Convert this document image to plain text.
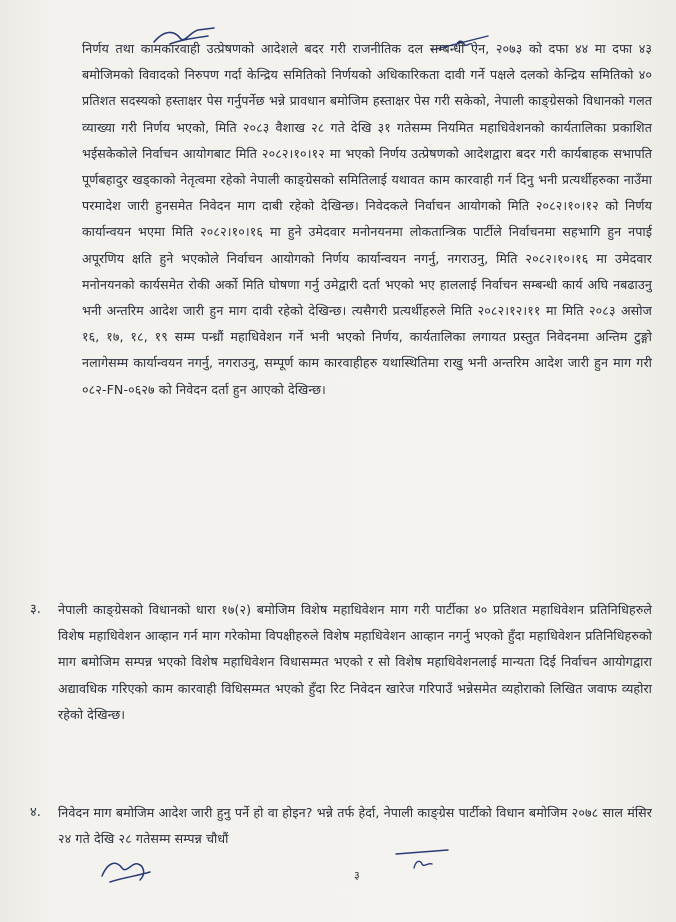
निर्णय तथा कामकारवाही उत्प्रेषणको आदेशले बदर गरी राजनीतिक दल सम्बन्धी ऐन, २०७३ को दफा ४४ मा दफा ४३ बमोजिमको विवादको निरुपण गर्दा केन्द्रिय समितिको निर्णयको अधिकारिकता दावी गर्ने पक्षले दलको केन्द्रिय समितिको ४० प्रतिशत सदस्यको हस्ताक्षर पेस गर्नुपर्नेछ भन्ने प्रावधान बमोजिम हस्ताक्षर पेस गरी सकेको, नेपाली काङ्ग्रेसको विधानको गलत व्याख्या गरी निर्णय भएको, मिति २०८३ वैशाख २८ गते देखि ३१ गतेसम्म नियमित महाधिवेशनको कार्यतालिका प्रकाशित भईसकेकोले निर्वाचन आयोगबाट मिति २०८२।१०।१२ मा भएको निर्णय उत्प्रेषणको आदेशद्वारा बदर गरी कार्यबाहक सभापति पूर्णबहादुर खड्काको नेतृत्वमा रहेको नेपाली काङ्ग्रेसको समितिलाई यथावत काम कारवाही गर्न दिनु भनी प्रत्यर्थीहरुका नाउँमा परमादेश जारी हुनसमेत निवेदन माग दाबी रहेको देखिन्छ। निवेदकले निर्वाचन आयोगको मिति २०८२।१०।१२ को निर्णय कार्यान्वयन भएमा मिति २०८२।१०।१६ मा हुने उमेदवार मनोनयनमा लोकतान्त्रिक पार्टीले निर्वाचनमा सहभागि हुन नपाई अपूरणिय क्षति हुने भएकोले निर्वाचन आयोगको निर्णय कार्यान्वयन नगर्नु, नगराउनु, मिति २०८२।१०।१६ मा उमेदवार मनोनयनको कार्यसमेत रोकी अर्को मिति घोषणा गर्नु उमेद्वारी दर्ता भएको भए हाललाई निर्वाचन सम्बन्धी कार्य अघि नबढाउनु भनी अन्तरिम आदेश जारी हुन माग दावी रहेको देखिन्छ। त्यसैगरी प्रत्यर्थीहरुले मिति २०८२।१२।११ मा मिति २०८३ असोज १६, १७, १८, १९ सम्म पन्ध्रौं महाधिवेशन गर्ने भनी भएको निर्णय, कार्यतालिका लगायत प्रस्तुत निवेदनमा अन्तिम टुङ्गो नलागेसम्म कार्यान्वयन नगर्नु, नगराउनु, सम्पूर्ण काम कारवाहीहरु यथास्थितिमा राखु भनी अन्तरिम आदेश जारी हुन माग गरी ०८२-FN-०६२७ को निवेदन दर्ता हुन आएको देखिन्छ।
३. नेपाली काङ्ग्रेसको विधानको धारा १७(२) बमोजिम विशेष महाधिवेशन माग गरी पार्टीका ४० प्रतिशत महाधिवेशन प्रतिनिधिहरुले विशेष महाधिवेशन आव्हान गर्न माग गरेकोमा विपक्षीहरुले विशेष महाधिवेशन आव्हान नगर्नु भएको हुँदा महाधिवेशन प्रतिनिधिहरुको माग बमोजिम सम्पन्न भएको विशेष महाधिवेशन विधासम्मत भएको र सो विशेष महाधिवेशनलाई मान्यता दिई निर्वाचन आयोगद्वारा अद्यावधिक गरिएको काम कारवाही विधिसम्मत भएको हुँदा रिट निवेदन खारेज गरिपाउँ भन्नेसमेत व्यहोराको लिखित जवाफ व्यहोरा रहेको देखिन्छ।
४. निवेदन माग बमोजिम आदेश जारी हुनु पर्ने हो वा होइन? भन्ने तर्फ हेर्दा, नेपाली काङ्ग्रेस पार्टीको विधान बमोजिम २०७८ साल मंसिर २४ गते देखि २८ गतेसम्म सम्पन्न चौधौं
३
